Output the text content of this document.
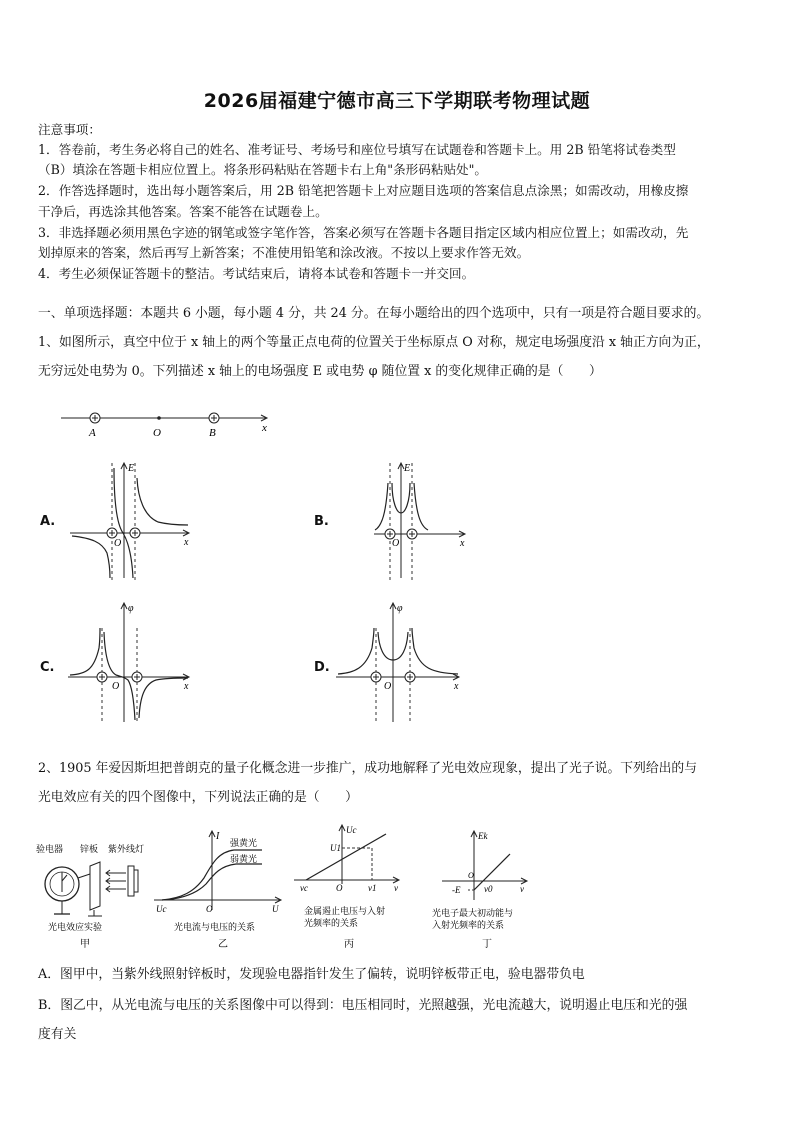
2026届福建宁德市高三下学期联考物理试题
注意事项：
1．答卷前，考生务必将自己的姓名、准考证号、考场号和座位号填写在试题卷和答题卡上。用 2B 铅笔将试卷类型
（B）填涂在答题卡相应位置上。将条形码粘贴在答题卡右上角"条形码粘贴处"。
2．作答选择题时，选出每小题答案后，用 2B 铅笔把答题卡上对应题目选项的答案信息点涂黑；如需改动，用橡皮擦
干净后，再选涂其他答案。答案不能答在试题卷上。
3．非选择题必须用黑色字迹的钢笔或签字笔作答，答案必须写在答题卡各题目指定区域内相应位置上；如需改动，先
划掉原来的答案，然后再写上新答案；不准使用铅笔和涂改液。不按以上要求作答无效。
4．考生必须保证答题卡的整洁。考试结束后，请将本试卷和答题卡一并交回。
一、单项选择题：本题共 6 小题，每小题 4 分，共 24 分。在每小题给出的四个选项中，只有一项是符合题目要求的。
1、如图所示，真空中位于 x 轴上的两个等量正点电荷的位置关于坐标原点 O 对称，规定电场强度沿 x 轴正方向为正，
无穷远处电势为 0。下列描述 x 轴上的电场强度 E 或电势 φ 随位置 x 的变化规律正确的是（　　）
A	O	B	x
A.
E
O	x
B.
E
O	x
C.
φ
O	x
D.
φ
O	x
2、1905 年爱因斯坦把普朗克的量子化概念进一步推广，成功地解释了光电效应现象，提出了光子说。下列给出的与
光电效应有关的四个图像中，下列说法正确的是（　　）
验电器 锌板 紫外线灯
光电效应实验
甲
强黄光
弱黄光
I
Uc	O	U
光电流与电压的关系
乙
Uc
U1
v1
vc	O	v
金属遏止电压与入射
光频率的关系
丙
Ek
-E	v0
O
v
光电子最大初动能与
入射光频率的关系
丁
A．图甲中，当紫外线照射锌板时，发现验电器指针发生了偏转，说明锌板带正电，验电器带负电
B．图乙中，从光电流与电压的关系图像中可以得到：电压相同时，光照越强，光电流越大，说明遏止电压和光的强
度有关
